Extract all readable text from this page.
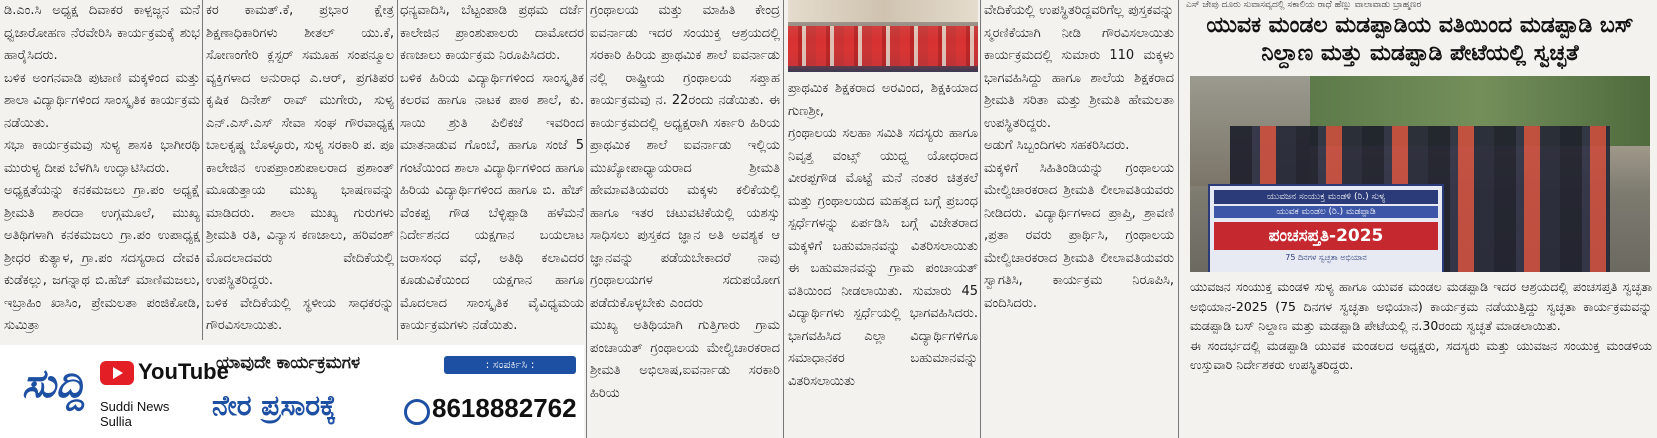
ಡಿ.ಎಂ.ಸಿ ಅಧ್ಯಕ್ಷ ದಿವಾಕರ ಕಾಳ್ಪಜ್ಜನ ಮನೆ ಧ್ವಜಾರೋಹಣ ನೆರವೇರಿಸಿ ಕಾರ್ಯಕ್ರಮಕ್ಕೆ ಶುಭ ಹಾರೈಸಿದರು.

ಬಳಿಕ ಅಂಗನವಾಡಿ ಪುಟಾಣಿ ಮಕ್ಕಳಿಂದ ಮತ್ತು ಶಾಲಾ ವಿದ್ಯಾರ್ಥಿಗಳಿಂದ ಸಾಂಸ್ಕೃತಿಕ ಕಾರ್ಯಕ್ರಮ ನಡೆಯಿತು.

ಸಭಾ ಕಾರ್ಯಕ್ರಮವು ಸುಳ್ಯ ಶಾಸಕಿ ಭಾಗೀರಥಿ ಮುರುಳ್ಯ ದೀಪ ಬೆಳಗಿಸಿ ಉದ್ಘಾಟಿಸಿದರು.

ಅಧ್ಯಕ್ಷತೆಯನ್ನು ಕನಕಮಜಲು ಗ್ರಾ.ಪಂ ಅಧ್ಯಕ್ಷೆ ಶ್ರೀಮತಿ ಶಾರದಾ ಉಗ್ಗಮೂಲೆ, ಮುಖ್ಯ ಅತಿಥಿಗಳಾಗಿ ಕನಕಮಜಲು ಗ್ರಾ.ಪಂ ಉಪಾಧ್ಯಕ್ಷ ಶ್ರೀಧರ ಕುತ್ಯಾಳ, ಗ್ರಾ.ಪಂ ಸದಸ್ಯರಾದ ದೇವಕಿ ಕುಡೆಕಲ್ಲು, ಜಗನ್ನಾಥ ಬಿ.ಹೆಚ್ ಮಾಣಿಮಜಲು, ಇಬ್ರಾಹಿಂ ಖಾಸಿಂ, ಪ್ರೇಮಲತಾ ಪಂಜಿಕೋಡಿ, ಸುಮಿತ್ರಾ

ಕರ ಕಾಮತ್.ಕೆ, ಪ್ರಭಾರ ಕ್ಷೇತ್ರ ಶಿಕ್ಷಣಾಧಿಕಾರಿಗಳು ಶೀತಲ್ ಯು.ಕೆ, ಸೋಣಂಗೇರಿ ಕ್ಲಸ್ಟರ್ ಸಮೂಹ ಸಂಪನ್ಮೂಲ ವ್ಯಕ್ತಿಗಳಾದ ಅನುರಾಧ ಎ.ಆರ್, ಪ್ರಗತಿಪರ ಕೃಷಿಕ ದಿನೇಶ್ ರಾವ್ ಮುಗೇರು, ಸುಳ್ಯ ಎನ್.ಎಸ್.ಎಸ್ ಸೇವಾ ಸಂಘ ಗೌರವಾಧ್ಯಕ್ಷ ಬಾಲಕೃಷ್ಣ ಬೊಳ್ಳೂರು, ಸುಳ್ಯ ಸರಕಾರಿ ಪ. ಪೂ ಕಾಲೇಜಿನ ಉಪಪ್ರಾಂಶುಪಾಲರಾದ ಪ್ರಶಾಂತ್ ಮೂಡುತ್ತಾಯ ಮುಖ್ಯ ಭಾಷಣವನ್ನು ಮಾಡಿದರು. ಶಾಲಾ ಮುಖ್ಯ ಗುರುಗಳು ಶ್ರೀಮತಿ ರತಿ, ವಿನ್ಯಾಸ ಕಣಜಾಲು, ಹರಿವಂಶ್ ಮೊದಲಾದವರು ವೇದಿಕೆಯಲ್ಲಿ ಉಪಸ್ಥಿತರಿದ್ದರು.

ಬಳಿಕ ವೇದಿಕೆಯಲ್ಲಿ ಸ್ಥಳೀಯ ಸಾಧಕರನ್ನು ಗೌರವಿಸಲಾಯಿತು.

ಧನ್ಯವಾದಿಸಿ, ಬೆಟ್ಟಂಪಾಡಿ ಪ್ರಥಮ ದರ್ಜೆ ಕಾಲೇಜಿನ ಪ್ರಾಂಶುಪಾಲರು ದಾಮೋದರ ಕಣಜಾಲು ಕಾರ್ಯಕ್ರಮ ನಿರೂಪಿಸಿದರು.

ಬಳಿಕ ಹಿರಿಯ ವಿದ್ಯಾರ್ಥಿಗಳಿಂದ ಸಾಂಸ್ಕೃತಿಕ ಕಲರವ ಹಾಗೂ ನಾಟಕ ಪಾಠ ಶಾಲೆ, ಕು. ಸಾಯಿ ಶ್ರುತಿ ಪಿಲಿಕಜೆ ಇವರಿಂದ ಮಾತನಾಡುವ ಗೊಂಬೆ, ಹಾಗೂ ಸಂಜೆ 5 ಗಂಟೆಯಿಂದ ಶಾಲಾ ವಿದ್ಯಾರ್ಥಿಗಳಿಂದ ಹಾಗೂ ಹಿರಿಯ ವಿದ್ಯಾರ್ಥಿಗಳಿಂದ ಹಾಗೂ ಬಿ. ಹೆಚ್ ವೆಂಕಪ್ಪ ಗೌಡ ಬೆಳ್ಳಿಪ್ಪಾಡಿ ಹಳೆಮನೆ ನಿರ್ದೇಶನದ ಯಕ್ಷಗಾನ ಬಯಲಾಟ ಜರಾಸಂಧ ವಧೆ, ಅತಿಥಿ ಕಲಾವಿದರ ಕೂಡುವಿಕೆಯಿಂದ ಯಕ್ಷಗಾನ ಹಾಗೂ ಮೊದಲಾದ ಸಾಂಸ್ಕೃತಿಕ ವೈವಿಧ್ಯಮಯ ಕಾರ್ಯಕ್ರಮಗಳು ನಡೆಯಿತು.

ಗ್ರಂಥಾಲಯ ಮತ್ತು ಮಾಹಿತಿ ಕೇಂದ್ರ ಐವರ್ನಾಡು ಇದರ ಸಂಯುಕ್ತ ಆಶ್ರಯದಲ್ಲಿ ಸರಕಾರಿ ಹಿರಿಯ ಪ್ರಾಥಮಿಕ ಶಾಲೆ ಐವರ್ನಾಡು ನಲ್ಲಿ ರಾಷ್ಟ್ರೀಯ ಗ್ರಂಥಾಲಯ ಸಪ್ತಾಹ ಕಾರ್ಯಕ್ರಮವು ನ. 22ರಂದು ನಡೆಯಿತು. ಈ ಕಾರ್ಯಕ್ರಮದಲ್ಲಿ ಅಧ್ಯಕ್ಷರಾಗಿ ಸರ್ಕಾರಿ ಹಿರಿಯ ಪ್ರಾಥಮಿಕ ಶಾಲೆ ಐವರ್ನಾಡು ಇಲ್ಲಿಯ ಮುಖ್ಯೋಪಾಧ್ಯಾಯರಾದ ಶ್ರೀಮತಿ ಹೇಮಾವತಿಯವರು ಮಕ್ಕಳು ಕಲಿಕೆಯಲ್ಲಿ ಹಾಗೂ ಇತರ ಚಟುವಟಿಕೆಯಲ್ಲಿ ಯಶಸ್ಸು ಸಾಧಿಸಲು ಪುಸ್ತಕದ ಜ್ಞಾನ ಅತಿ ಅವಶ್ಯಕ ಆ ಜ್ಞಾನವನ್ನು ಪಡೆಯಬೇಕಾದರೆ ನಾವು ಗ್ರಂಥಾಲಯಗಳ ಸದುಪಯೋಗ ಪಡೆದುಕೊಳ್ಳಬೇಕು ಎಂದರು

ಮುಖ್ಯ ಅತಿಥಿಯಾಗಿ ಗುತ್ತಿಗಾರು ಗ್ರಾಮ ಪಂಚಾಯತ್ ಗ್ರಂಥಾಲಯ ಮೇಲ್ವಿಚಾರಕರಾದ ಶ್ರೀಮತಿ ಅಭಿಲಾಷ,ಐವರ್ನಾಡು ಸರಕಾರಿ ಹಿರಿಯ

ಪ್ರಾಥಮಿಕ ಶಿಕ್ಷಕರಾದ ಅರವಿಂದ, ಶಿಕ್ಷಕಿಯಾದ ಗುಣಶ್ರೀ,

ಗ್ರಂಥಾಲಯ ಸಲಹಾ ಸಮಿತಿ ಸದಸ್ಯರು ಹಾಗೂ ನಿವೃತ್ತ ವಂಟ್ಸ್ ಯುಧ್ದ ಯೋಧರಾದ ವೀರಪ್ಪಗೌಡ ಮೊಟ್ಟೆ ಮನೆ ನಂತರ ಚಿತ್ರಕಲೆ ಮತ್ತು ಗ್ರಂಥಾಲಯದ ಮಹತ್ವದ ಬಗ್ಗೆ ಪ್ರಬಂಧ ಸ್ಪರ್ಧೆಗಳನ್ನು ಏರ್ಪಡಿಸಿ ಬಗ್ಗೆ ವಿಜೇತರಾದ ಮಕ್ಕಳಿಗೆ ಬಹುಮಾನವನ್ನು ವಿತರಿಸಲಾಯಿತು ಈ ಬಹುಮಾನವನ್ನು ಗ್ರಾಮ ಪಂಚಾಯತ್ ವತಿಯಿಂದ ನೀಡಲಾಯಿತು. ಸುಮಾರು 45 ವಿದ್ಯಾರ್ಥಿಗಳು ಸ್ಪರ್ಧೆಯಲ್ಲಿ ಭಾಗವಹಿಸಿದರು. ಭಾಗವಹಿಸಿದ ಎಲ್ಲಾ ವಿದ್ಯಾರ್ಥಿಗಳಿಗೂ ಸಮಾಧಾನಕರ ಬಹುಮಾನವನ್ನು ವಿತರಿಸಲಾಯಿತು

ವೇದಿಕೆಯಲ್ಲಿ ಉಪಸ್ಥಿತರಿದ್ದವರಿಗೆಲ್ಲ ಪುಸ್ತಕವನ್ನು ಸ್ಮರಣಿಕೆಯಾಗಿ ನೀಡಿ ಗೌರವಿಸಲಾಯಿತು ಕಾರ್ಯಕ್ರಮದಲ್ಲಿ ಸುಮಾರು 110 ಮಕ್ಕಳು ಭಾಗವಹಿಸಿದ್ದು ಹಾಗೂ ಶಾಲೆಯ ಶಿಕ್ಷಕರಾದ ಶ್ರೀಮತಿ ಸರಿತಾ ಮತ್ತು ಶ್ರೀಮತಿ ಹೇಮಲತಾ ಉಪಸ್ಥಿತರಿದ್ದರು.

ಅಡುಗೆ ಸಿಬ್ಬಂದಿಗಳು ಸಹಕರಿಸಿದರು.

ಮಕ್ಕಳಿಗೆ ಸಿಹಿತಿಂಡಿಯನ್ನು ಗ್ರಂಥಾಲಯ ಮೇಲ್ವಿಚಾರಕರಾದ ಶ್ರೀಮತಿ ಲೀಲಾವತಿಯವರು ನೀಡಿದರು. ವಿದ್ಯಾರ್ಥಿಗಳಾದ ಪ್ರಾಪ್ತಿ, ಶ್ರಾವಣಿ ,ಪ್ರತಾ ರವರು ಪ್ರಾರ್ಥಿಸಿ, ಗ್ರಂಥಾಲಯ ಮೇಲ್ವಿಚಾರಕರಾದ ಶ್ರೀಮತಿ ಲೀಲಾವತಿಯವರು ಸ್ವಾಗತಿಸಿ, ಕಾರ್ಯಕ್ರಮ ನಿರೂಪಿಸಿ, ವಂದಿಸಿದರು.

ಸುದ್ದಿ YouTube
Suddi News Sullia
ಯಾವುದೇ ಕಾರ್ಯಕ್ರಮಗಳ	: ಸಂಪರ್ಕಿಸಿ :
ನೇರ ಪ್ರಸಾರಕ್ಕೆ	8618882762
ಎಸ್ ಜೇಪು ದೂರು ಸುವಾಸವ್ಯದಲ್ಲಿ ಸಕಾಲಿಯ ರಾಧೆ ಹೆಣ್ಣು ವಾಲಾವಾಡು ಬ್ರಾಹ್ಮಣರ
ಯುವಕ ಮಂಡಲ ಮಡಪ್ಪಾಡಿಯ ವತಿಯಿಂದ ಮಡಪ್ಪಾಡಿ ಬಸ್ ನಿಲ್ದಾಣ ಮತ್ತು ಮಡಪ್ಪಾಡಿ ಪೇಟೆಯಲ್ಲಿ ಸ್ವಚ್ಛತೆ
ಯುವಜನ ಸಂಯುಕ್ತ ಮಂಡಳಿ (ರಿ.) ಸುಳ್ಯ
ಯುವಕ ಮಂಡಲ (ರಿ.) ಮಡಪ್ಪಾಡಿ
ಪಂಚಸಪ್ತತಿ-2025
75 ದಿನಗಳ ಸ್ವಚ್ಛತಾ ಅಭಿಯಾನ

ಯುವಜನ ಸಂಯುಕ್ತ ಮಂಡಳಿ ಸುಳ್ಯ ಹಾಗೂ ಯುವಕ ಮಂಡಲ ಮಡಪ್ಪಾಡಿ ಇದರ ಆಶ್ರಯದಲ್ಲಿ ಪಂಚಸಪ್ತತಿ ಸ್ವಚ್ಛತಾ ಅಭಿಯಾನ-2025 (75 ದಿನಗಳ ಸ್ವಚ್ಛತಾ ಅಭಿಯಾನ) ಕಾರ್ಯಕ್ರಮ ನಡೆಯುತ್ತಿದ್ದು ಸ್ವಚ್ಛತಾ ಕಾರ್ಯಕ್ರಮವನ್ನು ಮಡಪ್ಪಾಡಿ ಬಸ್ ನಿಲ್ದಾಣ ಮತ್ತು ಮಡಪ್ಪಾಡಿ ಪೇಟೆಯಲ್ಲಿ ನ.30ರಂದು ಸ್ವಚ್ಛತೆ ಮಾಡಲಾಯಿತು.

ಈ ಸಂದರ್ಭದಲ್ಲಿ ಮಡಪ್ಪಾಡಿ ಯುವಕ ಮಂಡಲದ ಅಧ್ಯಕ್ಷರು, ಸದಸ್ಯರು ಮತ್ತು ಯುವಜನ ಸಂಯುಕ್ತ ಮಂಡಳಿಯ ಉಸ್ತುವಾರಿ ನಿರ್ದೇಶಕರು ಉಪಸ್ಥಿತರಿದ್ದರು.
